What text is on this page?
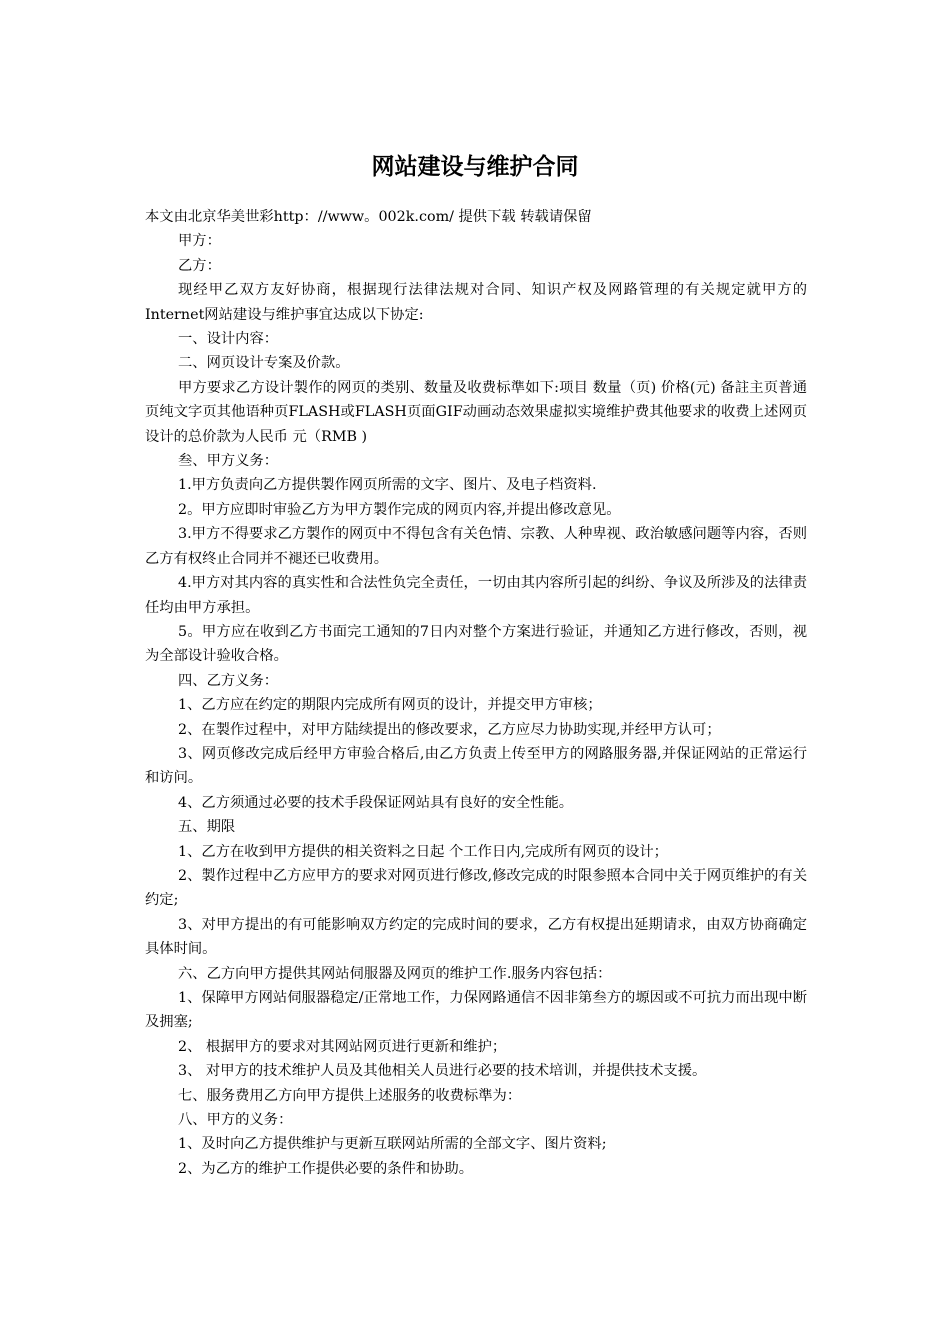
网站建设与维护合同

本文由北京华美世彩http：//www。002k.com/ 提供下载 转载请保留

甲方：

乙方：

现经甲乙双方友好协商，根据现行法律法规对合同、知识产权及网路管理的有关规定就甲方的Internet网站建设与维护事宜达成以下协定:

一、设计内容：

二、网页设计专案及价款。

甲方要求乙方设计製作的网页的类别、数量及收费标準如下:项目 数量（页) 价格(元) 备註主页普通页纯文字页其他语种页FLASH或FLASH页面GIF动画动态效果虚拟实境维护费其他要求的收费上述网页设计的总价款为人民币 元（RMB )

叁、甲方义务：

1.甲方负责向乙方提供製作网页所需的文字、图片、及电子档资料.

2。甲方应即时审验乙方为甲方製作完成的网页内容,并提出修改意见。

3.甲方不得要求乙方製作的网页中不得包含有关色情、宗教、人种卑视、政治敏感问题等内容，否则乙方有权终止合同并不褪还已收费用。

4.甲方对其内容的真实性和合法性负完全责任，一切由其内容所引起的纠纷、争议及所涉及的法律责任均由甲方承担。

5。甲方应在收到乙方书面完工通知的7日内对整个方案进行验证，并通知乙方进行修改，否则，视为全部设计验收合格。

四、乙方义务：

1、乙方应在约定的期限内完成所有网页的设计，并提交甲方审核；

2、在製作过程中，对甲方陆续提出的修改要求，乙方应尽力协助实现,并经甲方认可；

3、网页修改完成后经甲方审验合格后,由乙方负责上传至甲方的网路服务器,并保证网站的正常运行和访问。

4、乙方须通过必要的技术手段保证网站具有良好的安全性能。

五、期限

1、乙方在收到甲方提供的相关资料之日起 个工作日内,完成所有网页的设计；

2、製作过程中乙方应甲方的要求对网页进行修改,修改完成的时限参照本合同中关于网页维护的有关约定;

3、对甲方提出的有可能影响双方约定的完成时间的要求，乙方有权提出延期请求，由双方协商确定具体时间。

六、乙方向甲方提供其网站伺服器及网页的维护工作.服务内容包括：

1、保障甲方网站伺服器稳定/正常地工作，力保网路通信不因非第叁方的塬因或不可抗力而出现中断及拥塞;

2、 根据甲方的要求对其网站网页进行更新和维护；

3、 对甲方的技术维护人员及其他相关人员进行必要的技术培训，并提供技术支援。

七、服务费用乙方向甲方提供上述服务的收费标準为：

八、甲方的义务：

1、及时向乙方提供维护与更新互联网站所需的全部文字、图片资料;

2、为乙方的维护工作提供必要的条件和协助。
